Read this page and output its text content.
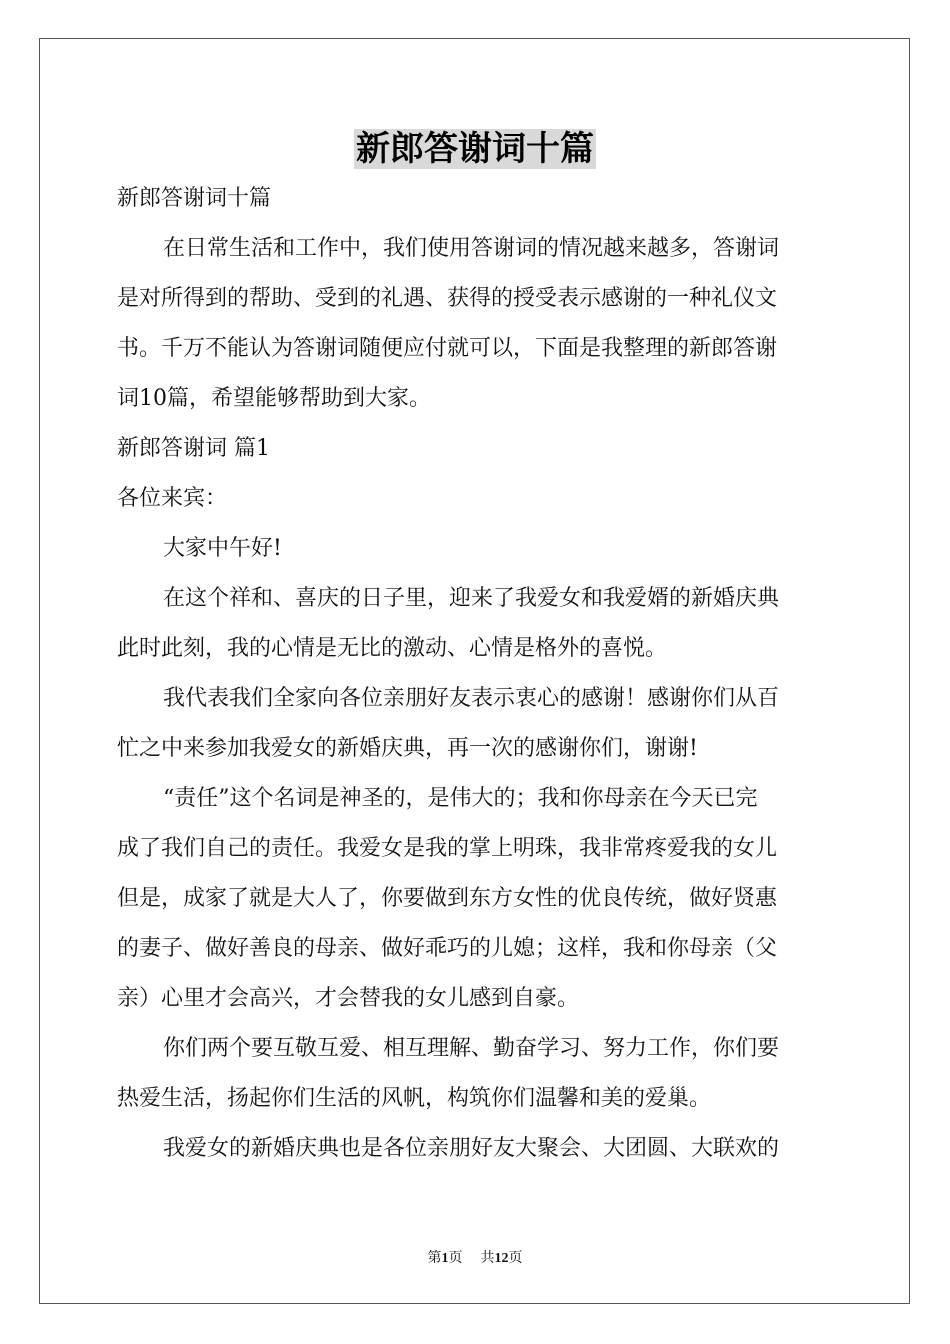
新郎答谢词十篇
新郎答谢词十篇
在日常生活和工作中，我们使用答谢词的情况越来越多，答谢词
是对所得到的帮助、受到的礼遇、获得的授受表示感谢的一种礼仪文
书。千万不能认为答谢词随便应付就可以，下面是我整理的新郎答谢
词10篇，希望能够帮助到大家。
新郎答谢词 篇1
各位来宾：
大家中午好!
在这个祥和、喜庆的日子里，迎来了我爱女和我爱婿的新婚庆典
此时此刻，我的心情是无比的激动、心情是格外的喜悦。
我代表我们全家向各位亲朋好友表示衷心的感谢！感谢你们从百
忙之中来参加我爱女的新婚庆典，再一次的感谢你们，谢谢!
“责任”这个名词是神圣的，是伟大的；我和你母亲在今天已完
成了我们自己的责任。我爱女是我的掌上明珠，我非常疼爱我的女儿
但是，成家了就是大人了，你要做到东方女性的优良传统，做好贤惠
的妻子、做好善良的母亲、做好乖巧的儿媳；这样，我和你母亲（父
亲）心里才会高兴，才会替我的女儿感到自豪。
你们两个要互敬互爱、相互理解、勤奋学习、努力工作，你们要
热爱生活，扬起你们生活的风帆，构筑你们温馨和美的爱巢。
我爱女的新婚庆典也是各位亲朋好友大聚会、大团圆、大联欢的
第1页 共12页
